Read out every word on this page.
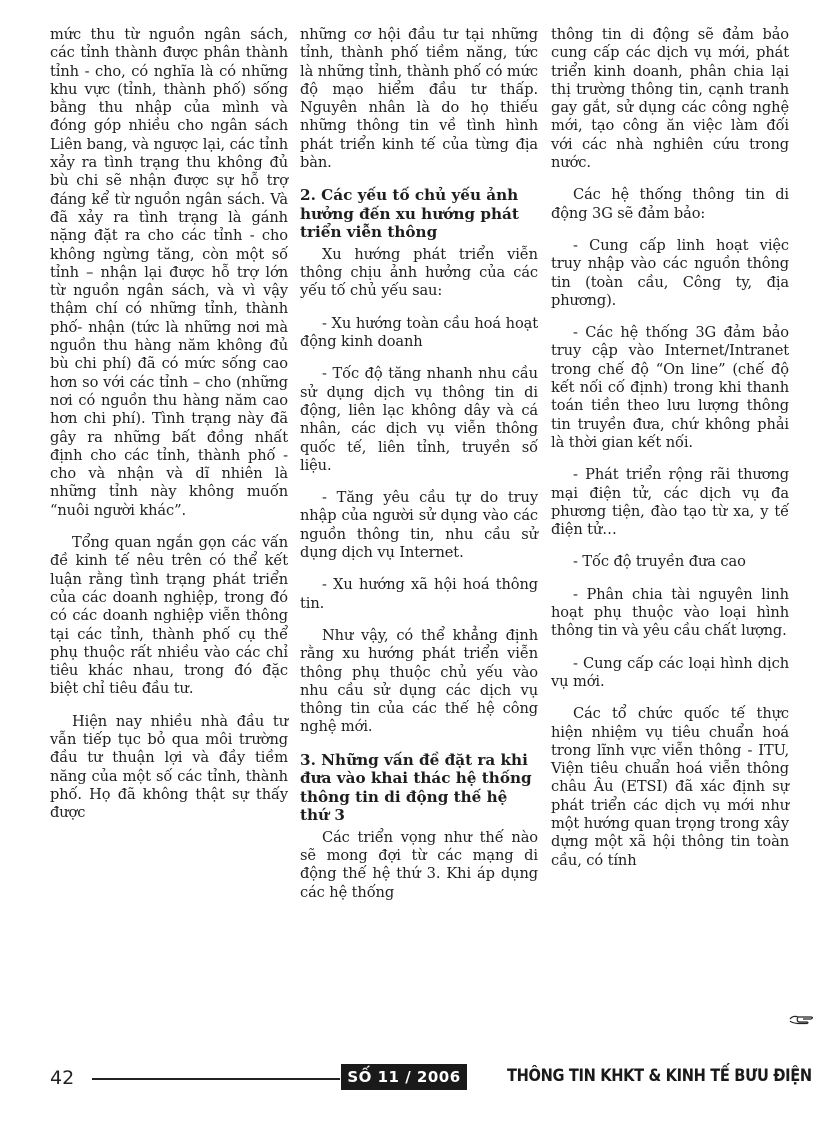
mức thu từ nguồn ngân sách, các tỉnh thành được phân thành tỉnh - cho, có nghĩa là có những khu vực (tỉnh, thành phố) sống bằng thu nhập của mình và đóng góp nhiều cho ngân sách Liên bang, và ngược lại, các tỉnh xảy ra tình trạng thu không đủ bù chi sẽ nhận được sự hỗ trợ đáng kể từ nguồn ngân sách. Và đã xảy ra tình trạng là gánh nặng đặt ra cho các tỉnh - cho không ngừng tăng, còn một số tỉnh – nhận lại được hỗ trợ lớn từ nguồn ngân sách, và vì vậy thậm chí có những tỉnh, thành phố- nhận (tức là những nơi mà nguồn thu hàng năm không đủ bù chi phí) đã có mức sống cao hơn so với các tỉnh – cho (những nơi có nguồn thu hàng năm cao hơn chi phí). Tình trạng này đã gây ra những bất đồng nhất định cho các tỉnh, thành phố - cho và nhận và dĩ nhiên là những tỉnh này không muốn “nuôi người khác”.

Tổng quan ngắn gọn các vấn đề kinh tế nêu trên có thể kết luận rằng tình trạng phát triển của các doanh nghiệp, trong đó có các doanh nghiệp viễn thông tại các tỉnh, thành phố cụ thể phụ thuộc rất nhiều vào các chỉ tiêu khác nhau, trong đó đặc biệt chỉ tiêu đầu tư.

Hiện nay nhiều nhà đầu tư vẫn tiếp tục bỏ qua môi trường đầu tư thuận lợi và đầy tiềm năng của một số các tỉnh, thành phố. Họ đã không thật sự thấy được

những cơ hội đầu tư tại những tỉnh, thành phố tiềm năng, tức là những tỉnh, thành phố có mức độ mạo hiểm đầu tư thấp. Nguyên nhân là do họ thiếu những thông tin về tình hình phát triển kinh tế của từng địa bàn.

2. Các yếu tố chủ yếu ảnh hưởng đến xu hướng phát triển viễn thông

Xu hướng phát triển viễn thông chịu ảnh hưởng của các yếu tố chủ yếu sau:

- Xu hướng toàn cầu hoá hoạt động kinh doanh

- Tốc độ tăng nhanh nhu cầu sử dụng dịch vụ thông tin di động, liên lạc không dây và cá nhân, các dịch vụ viễn thông quốc tế, liên tỉnh, truyền số liệu.

- Tăng yêu cầu tự do truy nhập của người sử dụng vào các nguồn thông tin, nhu cầu sử dụng dịch vụ Internet.

- Xu hướng xã hội hoá thông tin.

Như vậy, có thể khẳng định rằng xu hướng phát triển viễn thông phụ thuộc chủ yếu vào nhu cầu sử dụng các dịch vụ thông tin của các thế hệ công nghệ mới.

3. Những vấn đề đặt ra khi đưa vào khai thác hệ thống thông tin di động thế hệ thứ 3

Các triển vọng như thế nào sẽ mong đợi từ các mạng di động thế hệ thứ 3. Khi áp dụng các hệ thống

thông tin di động sẽ đảm bảo cung cấp các dịch vụ mới, phát triển kinh doanh, phân chia lại thị trường thông tin, cạnh tranh gay gắt, sử dụng các công nghệ mới, tạo công ăn việc làm đối với các nhà nghiên cứu trong nước.

Các hệ thống thông tin di động 3G sẽ đảm bảo:

- Cung cấp linh hoạt việc truy nhập vào các nguồn thông tin (toàn cầu, Công ty, địa phương).

- Các hệ thống 3G đảm bảo truy cập vào Internet/Intranet trong chế độ “On line” (chế độ kết nối cố định) trong khi thanh toán tiền theo lưu lượng thông tin truyền đưa, chứ không phải là thời gian kết nối.

- Phát triển rộng rãi thương mại điện tử, các dịch vụ đa phương tiện, đào tạo từ xa, y tế điện tử…

- Tốc độ truyền đưa cao

- Phân chia tài nguyên linh hoạt phụ thuộc vào loại hình thông tin và yêu cầu chất lượng.

- Cung cấp các loại hình dịch vụ mới.

Các tổ chức quốc tế thực hiện nhiệm vụ tiêu chuẩn hoá trong lĩnh vực viễn thông - ITU, Viện tiêu chuẩn hoá viễn thông châu Âu (ETSI) đã xác định sự phát triển các dịch vụ mới như một hướng quan trọng trong xây dựng một xã hội thông tin toàn cầu, có tính

42	SỐ 11 / 2006	THÔNG TIN KHKT & KINH TẾ BƯU ĐIỆN
